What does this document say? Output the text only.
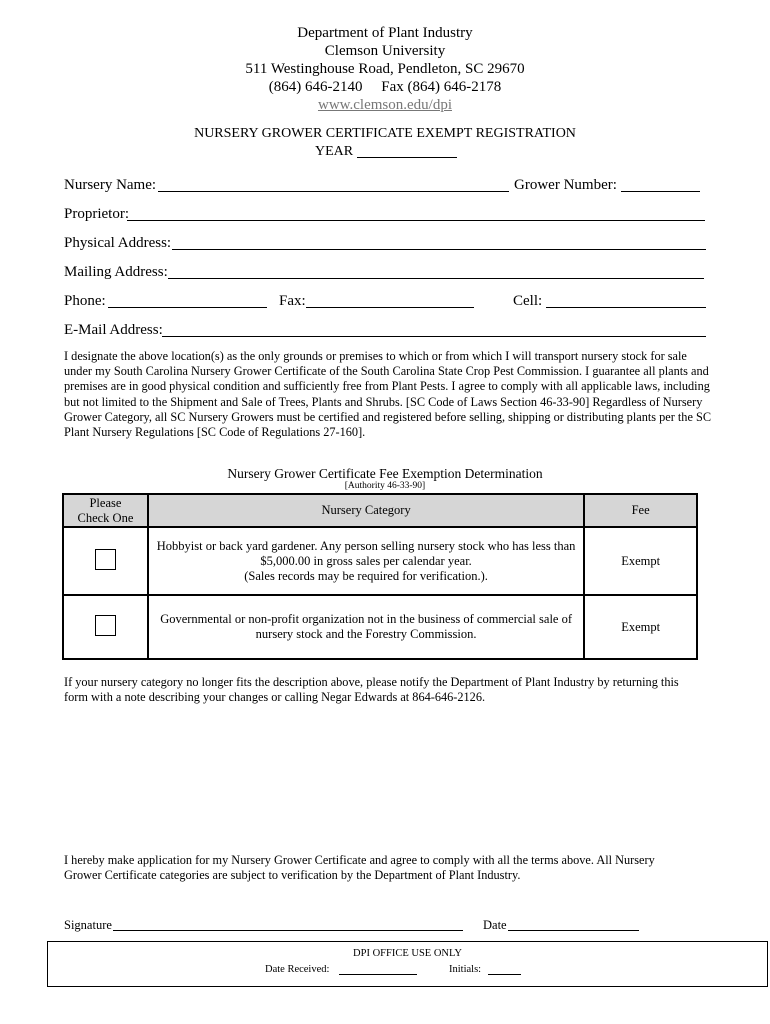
Department of Plant Industry
Clemson University
511 Westinghouse Road, Pendleton, SC 29670
(864) 646-2140     Fax (864) 646-2178
www.clemson.edu/dpi
NURSERY GROWER CERTIFICATE EXEMPT REGISTRATION
YEAR
Nursery Name:	Grower Number:
Proprietor:
Physical Address:
Mailing Address:
Phone:	Fax:	Cell:
E-Mail Address:
I designate the above location(s) as the only grounds or premises to which or from which I will transport nursery stock for sale under my South Carolina Nursery Grower Certificate of the South Carolina State Crop Pest Commission. I guarantee all plants and premises are in good physical condition and sufficiently free from Plant Pests. I agree to comply with all applicable laws, including but not limited to the Shipment and Sale of Trees, Plants and Shrubs. [SC Code of Laws Section 46-33-90] Regardless of Nursery Grower Category, all SC Nursery Growers must be certified and registered before selling, shipping or distributing plants per the SC Plant Nursery Regulations [SC Code of Regulations 27-160].
Nursery Grower Certificate Fee Exemption Determination
[Authority 46-33-90]
Please Check One	Nursery Category	Fee

	Hobbyist or back yard gardener. Any person selling nursery stock who has less than
$5,000.00 in gross sales per calendar year.
(Sales records may be required for verification.).	Exempt

	Governmental or non-profit organization not in the business of commercial sale of
nursery stock and the Forestry Commission.	Exempt
If your nursery category no longer fits the description above, please notify the Department of Plant Industry by returning this form with a note describing your changes or calling Negar Edwards at 864-646-2126.
I hereby make application for my Nursery Grower Certificate and agree to comply with all the terms above. All Nursery Grower Certificate categories are subject to verification by the Department of Plant Industry.
Signature	Date
DPI OFFICE USE ONLY
Date Received:	Initials:
